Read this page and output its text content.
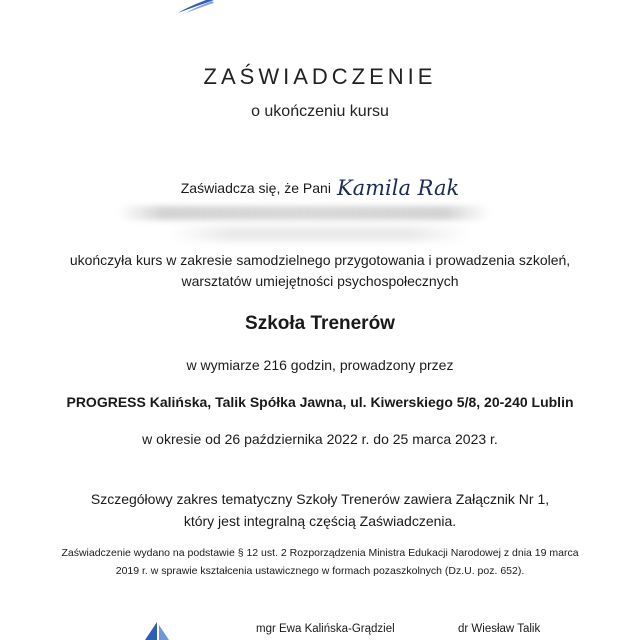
ZAŚWIADCZENIE
o ukończeniu kursu
Zaświadcza się, że Pani Kamila Rak
ukończyła kurs w zakresie samodzielnego przygotowania i prowadzenia szkoleń,
warsztatów umiejętności psychospołecznych
Szkoła Trenerów
w wymiarze 216 godzin, prowadzony przez
PROGRESS Kalińska, Talik Spółka Jawna, ul. Kiwerskiego 5/8, 20-240 Lublin
w okresie od 26 października 2022 r. do 25 marca 2023 r.
Szczegółowy zakres tematyczny Szkoły Trenerów zawiera Załącznik Nr 1,
który jest integralną częścią Zaświadczenia.
Zaświadczenie wydano na podstawie § 12 ust. 2 Rozporządzenia Ministra Edukacji Narodowej z dnia 19 marca
2019 r. w sprawie kształcenia ustawicznego w formach pozaszkolnych (Dz.U. poz. 652).
mgr Ewa Kalińska-Grądziel	dr Wiesław Talik
